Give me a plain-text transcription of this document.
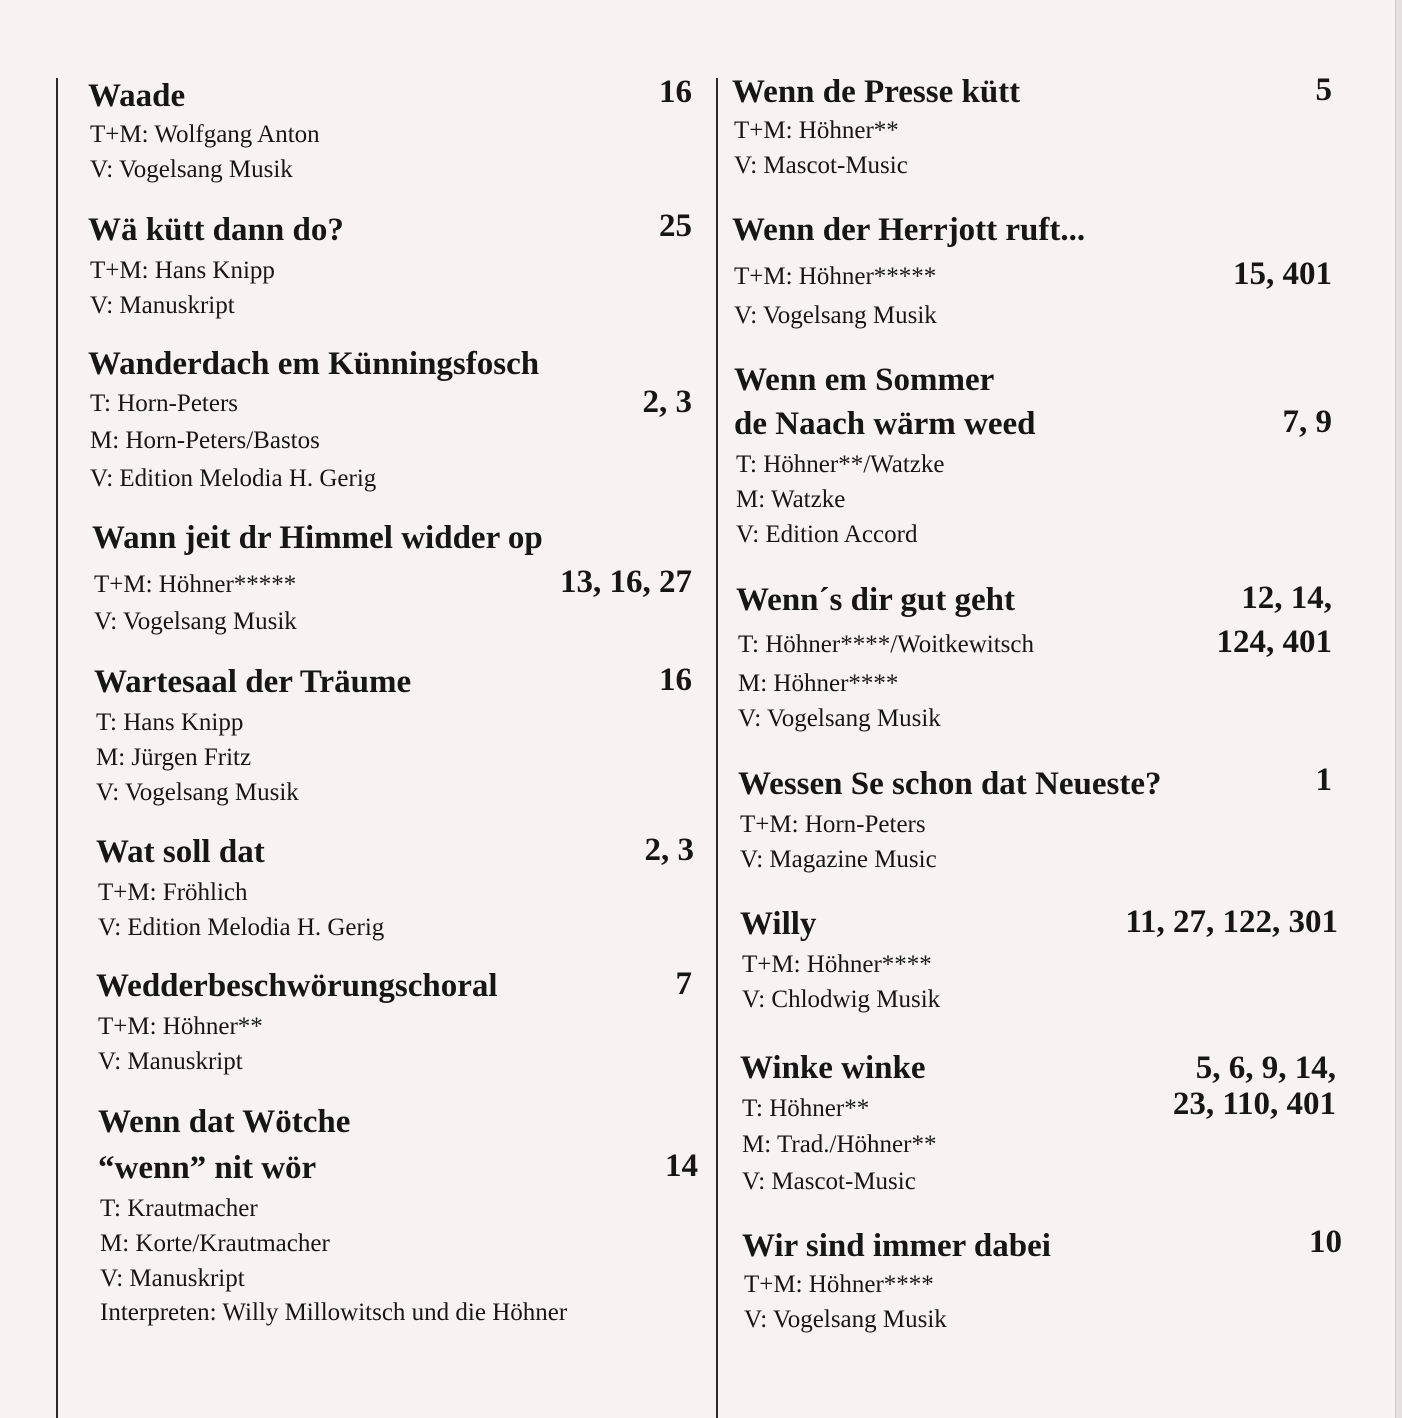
Waade	16
T+M: Wolfgang Anton
V: Vogelsang Musik
Wä kütt dann do?	25
T+M: Hans Knipp
V: Manuskript
Wanderdach em Künningsfosch
2, 3
T: Horn-Peters
M: Horn-Peters/Bastos
V: Edition Melodia H. Gerig
Wann jeit dr Himmel widder op
13, 16, 27
T+M: Höhner*****
V: Vogelsang Musik
Wartesaal der Träume	16
T: Hans Knipp
M: Jürgen Fritz
V: Vogelsang Musik
Wat soll dat	2, 3
T+M: Fröhlich
V: Edition Melodia H. Gerig
Wedderbeschwörungschoral	7
T+M: Höhner**
V: Manuskript
Wenn dat Wötche
“wenn” nit wör	14
T: Krautmacher
M: Korte/Krautmacher
V: Manuskript
Interpreten: Willy Millowitsch und die Höhner
Wenn de Presse kütt	5
T+M: Höhner**
V: Mascot-Music
Wenn der Herrjott ruft...
15, 401
T+M: Höhner*****
V: Vogelsang Musik
Wenn em Sommer
de Naach wärm weed	7, 9
T: Höhner**/Watzke
M: Watzke
V: Edition Accord
Wenn´s dir gut geht	12, 14,
124, 401
T: Höhner****/Woitkewitsch
M: Höhner****
V: Vogelsang Musik
Wessen Se schon dat Neueste?	1
T+M: Horn-Peters
V: Magazine Music
Willy	11, 27, 122, 301
T+M: Höhner****
V: Chlodwig Musik
Winke winke	5, 6, 9, 14,
23, 110, 401
T: Höhner**
M: Trad./Höhner**
V: Mascot-Music
Wir sind immer dabei	10
T+M: Höhner****
V: Vogelsang Musik
